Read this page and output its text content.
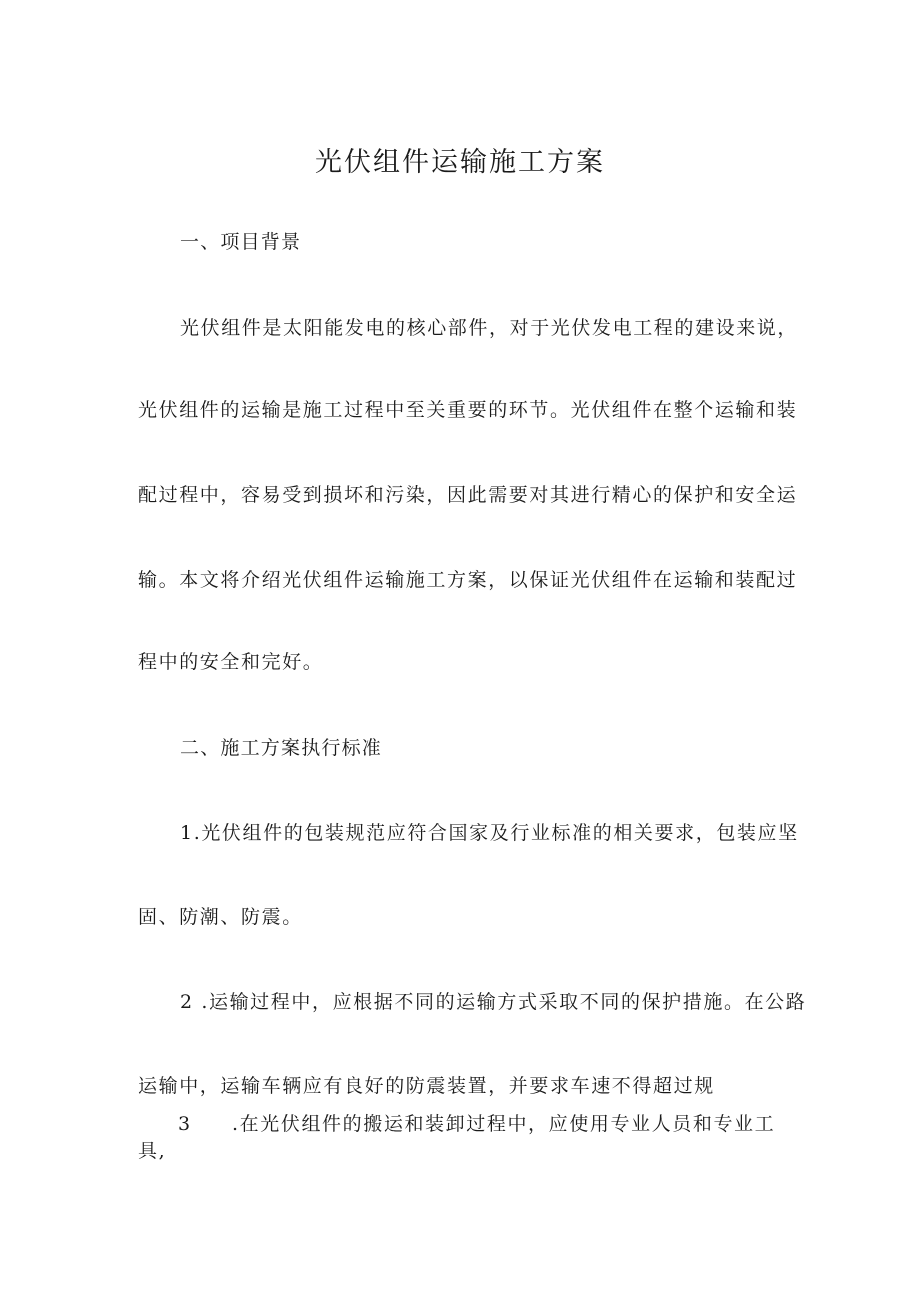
光伏组件运输施工方案
一、项目背景
光伏组件是太阳能发电的核心部件，对于光伏发电工程的建设来说，
光伏组件的运输是施工过程中至关重要的环节。光伏组件在整个运输和装
配过程中，容易受到损坏和污染，因此需要对其进行精心的保护和安全运
输。本文将介绍光伏组件运输施工方案，以保证光伏组件在运输和装配过
程中的安全和完好。
二、施工方案执行标准
1.光伏组件的包装规范应符合国家及行业标准的相关要求，包装应坚
固、防潮、防震。
2 .运输过程中，应根据不同的运输方式采取不同的保护措施。在公路
运输中，运输车辆应有良好的防震装置，并要求车速不得超过规
3 .在光伏组件的搬运和装卸过程中，应使用专业人员和专业工
具,
